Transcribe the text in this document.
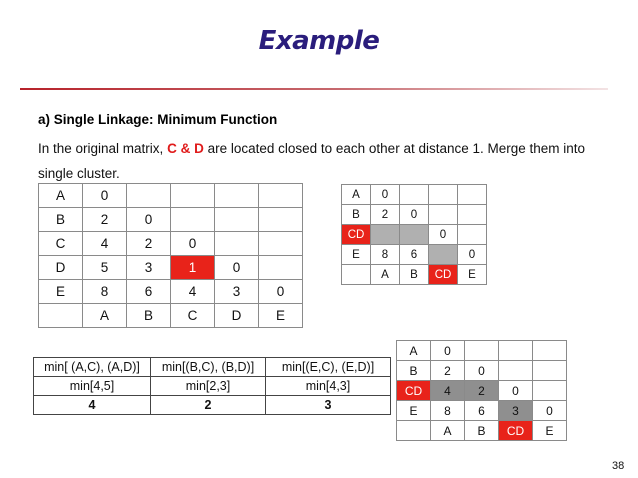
Example
a) Single Linkage: Minimum Function
In the original matrix, C & D are located closed to each other at distance 1. Merge them into single cluster.
A	0				
B	2	0			
C	4	2	0		
D	5	3	1	0	
E	8	6	4	3	0
	A	B	C	D	E
A	0			
B	2	0		
CD			0	
E	8	6		0
	A	B	CD	E
min[ (A,C), (A,D)]	min[(B,C), (B,D)]	min[(E,C), (E,D)]
min[4,5]	min[2,3]	min[4,3]
4	2	3
A	0			
B	2	0		
CD	4	2	0	
E	8	6	3	0
	A	B	CD	E
38
